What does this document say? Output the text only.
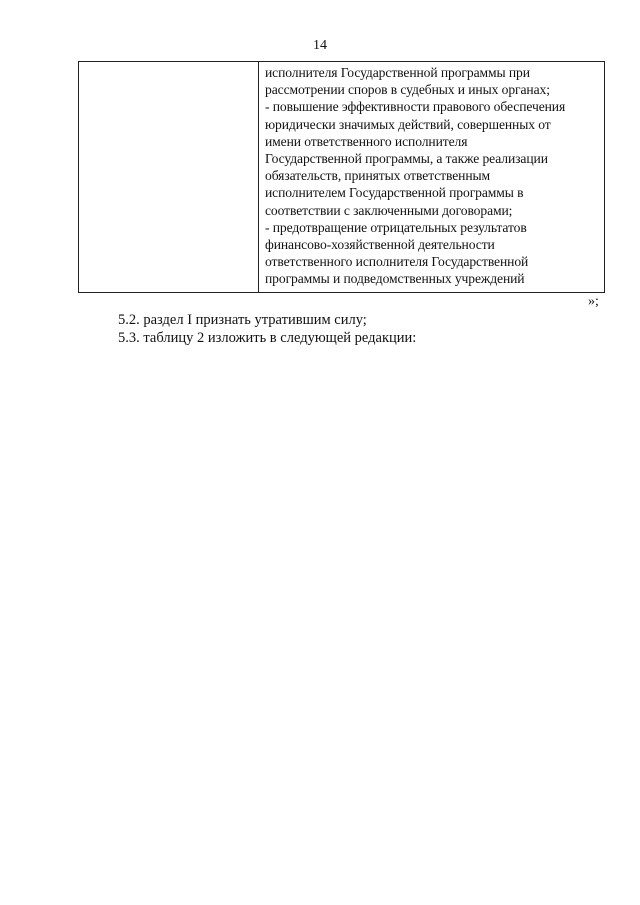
14
исполнителя Государственной программы при
рассмотрении споров в судебных и иных органах;
- повышение эффективности правового обеспечения
юридически значимых действий, совершенных от
имени ответственного исполнителя
Государственной программы, а также реализации
обязательств, принятых ответственным
исполнителем Государственной программы в
соответствии с заключенными договорами;
- предотвращение отрицательных результатов
финансово-хозяйственной деятельности
ответственного исполнителя Государственной
программы и подведомственных учреждений
»;
5.2. раздел I признать утратившим силу;
5.3. таблицу 2 изложить в следующей редакции:
